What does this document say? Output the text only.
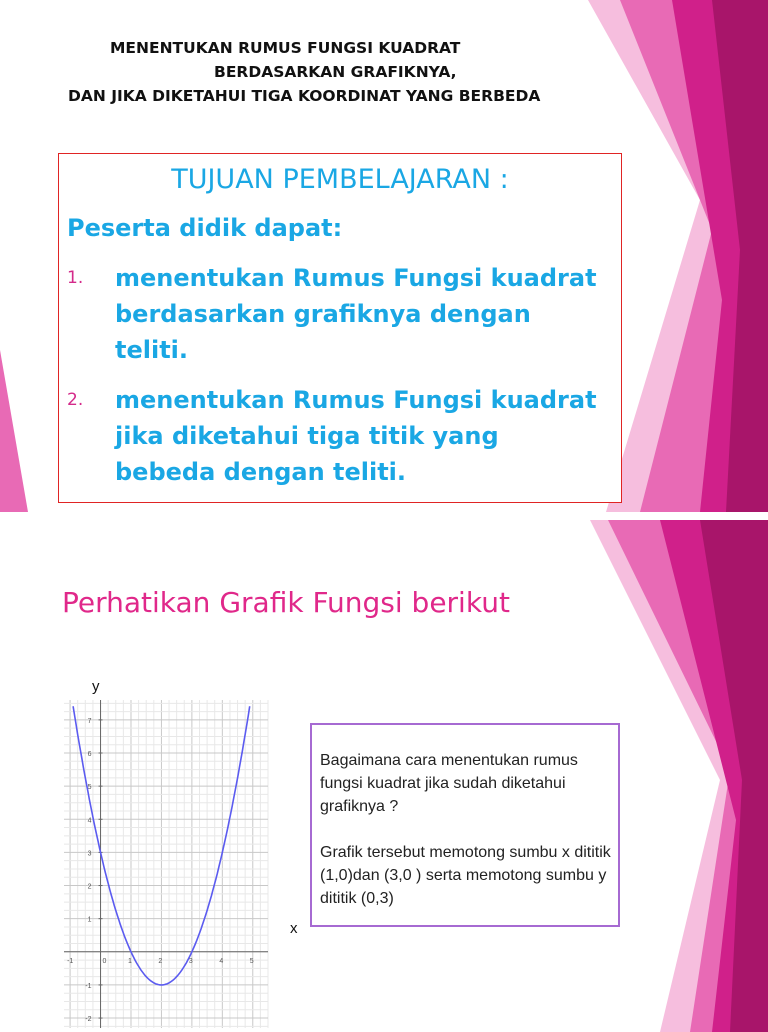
MENENTUKAN RUMUS FUNGSI KUADRAT
BERDASARKAN GRAFIKNYA,
DAN JIKA DIKETAHUI TIGA KOORDINAT YANG BERBEDA
TUJUAN PEMBELAJARAN :
Peserta didik dapat:
1. menentukan Rumus Fungsi kuadrat berdasarkan grafiknya dengan teliti.
2. menentukan Rumus Fungsi kuadrat jika diketahui tiga titik yang bebeda dengan teliti.
Perhatikan Grafik Fungsi berikut
y
-1	1	2	3	4	5
0
-2
-1
1
2
3
4
5
6
7
x

Bagaimana cara menentukan rumus fungsi kuadrat jika sudah diketahui grafiknya ?

Grafik tersebut memotong sumbu x dititik (1,0)dan (3,0 ) serta memotong sumbu y dititik (0,3)
